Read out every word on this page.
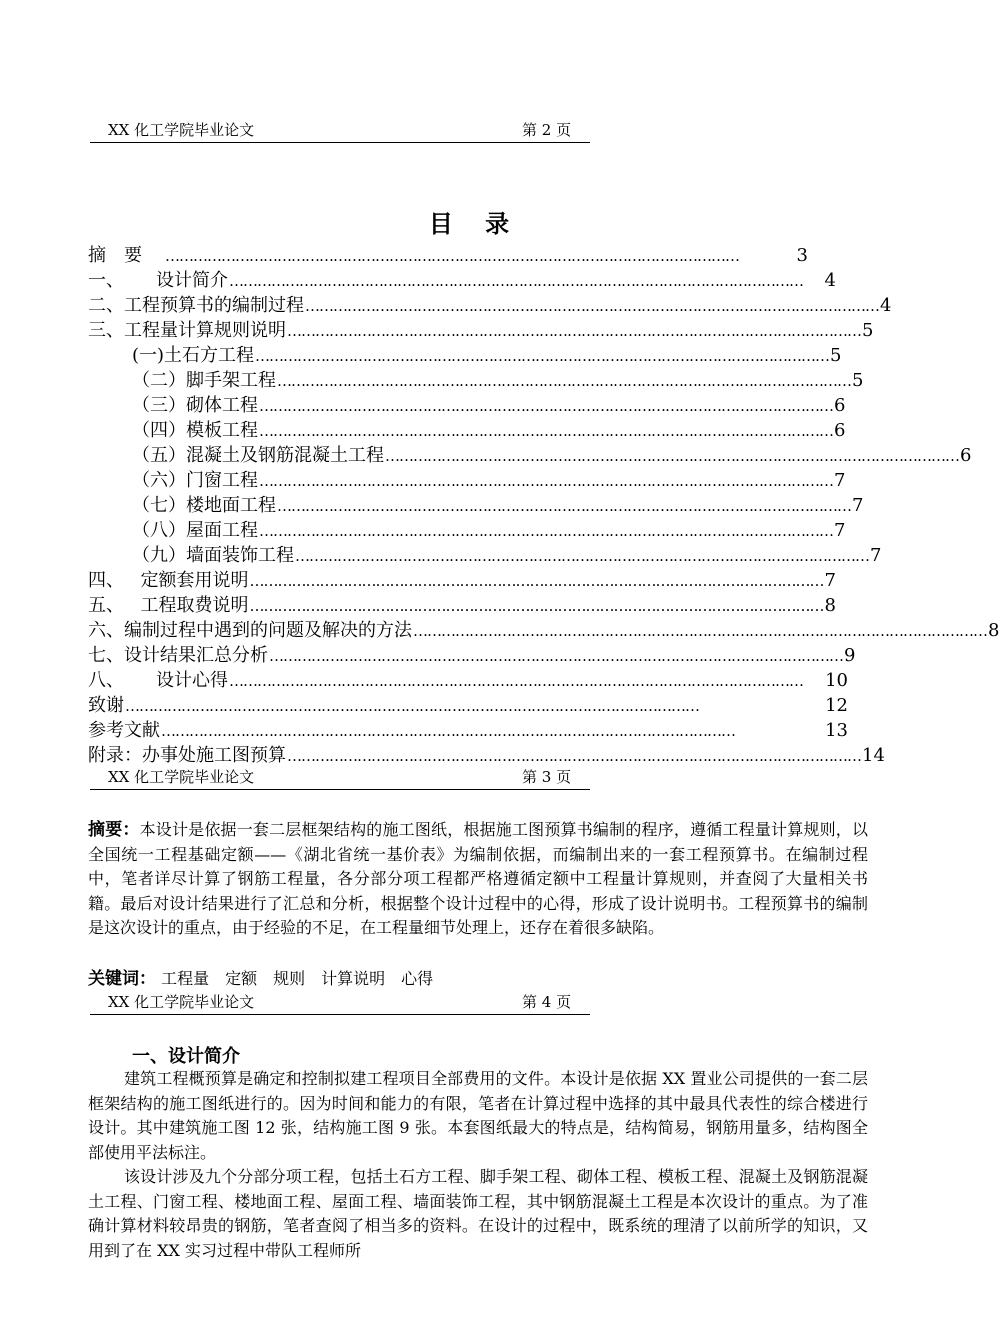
XX 化工学院毕业论文	第 2 页
目 录
摘　要	……………………………………………………………………………………………………………	3
一、	设计简介 ……………………………………………………………………………………………………………	4
二、 工程预算书的编制过程 …………………………………………………………………………………………………………… 4
三、 工程量计算规则说明 …………………………………………………………………………………………………………… 5
(一) 土石方工程 …………………………………………………………………………………………………………… 5
（二） 脚手架工程 …………………………………………………………………………………………………………… 5
（三） 砌体工程 …………………………………………………………………………………………………………… 6
（四） 模板工程 …………………………………………………………………………………………………………… 6
（五） 混凝土及钢筋混凝土工程 …………………………………………………………………………………………………………… 6
（六） 门窗工程 …………………………………………………………………………………………………………… 7
（七） 楼地面工程 …………………………………………………………………………………………………………… 7
（八） 屋面工程 …………………………………………………………………………………………………………… 7
（九） 墙面装饰工程 …………………………………………………………………………………………………………… 7
四、 定额套用说明 …………………………………………………………………………………………………………… 7
五、 工程取费说明 …………………………………………………………………………………………………………… 8
六、 编制过程中遇到的问题及解决的方法 …………………………………………………………………………………………………………… 8
七、 设计结果汇总分析 …………………………………………………………………………………………………………… 9
八、	设计心得 ……………………………………………………………………………………………………………	10
致谢 ……………………………………………………………………………………………………………	12
参考文献 ……………………………………………………………………………………………………………	13
附录： 办事处施工图预算 …………………………………………………………………………………………………………… 14
XX 化工学院毕业论文	第 3 页
摘要：本设计是依据一套二层框架结构的施工图纸，根据施工图预算书编制的程序，遵循工程量计算规则，以全国统一工程基础定额——《湖北省统一基价表》为编制依据，而编制出来的一套工程预算书。在编制过程中，笔者详尽计算了钢筋工程量，各分部分项工程都严格遵循定额中工程量计算规则，并查阅了大量相关书籍。最后对设计结果进行了汇总和分析，根据整个设计过程中的心得，形成了设计说明书。工程预算书的编制是这次设计的重点，由于经验的不足，在工程量细节处理上，还存在着很多缺陷。
关键词： 工程量　定额　规则　计算说明　心得
XX 化工学院毕业论文	第 4 页
一、设计简介
建筑工程概预算是确定和控制拟建工程项目全部费用的文件。本设计是依据 XX 置业公司提供的一套二层框架结构的施工图纸进行的。因为时间和能力的有限，笔者在计算过程中选择的其中最具代表性的综合楼进行设计。其中建筑施工图 12 张，结构施工图 9 张。本套图纸最大的特点是，结构简易，钢筋用量多，结构图全部使用平法标注。
该设计涉及九个分部分项工程，包括土石方工程、脚手架工程、砌体工程、模板工程、混凝土及钢筋混凝土工程、门窗工程、楼地面工程、屋面工程、墙面装饰工程，其中钢筋混凝土工程是本次设计的重点。为了准确计算材料较昂贵的钢筋，笔者查阅了相当多的资料。在设计的过程中，既系统的理清了以前所学的知识，又用到了在 XX 实习过程中带队工程师所
